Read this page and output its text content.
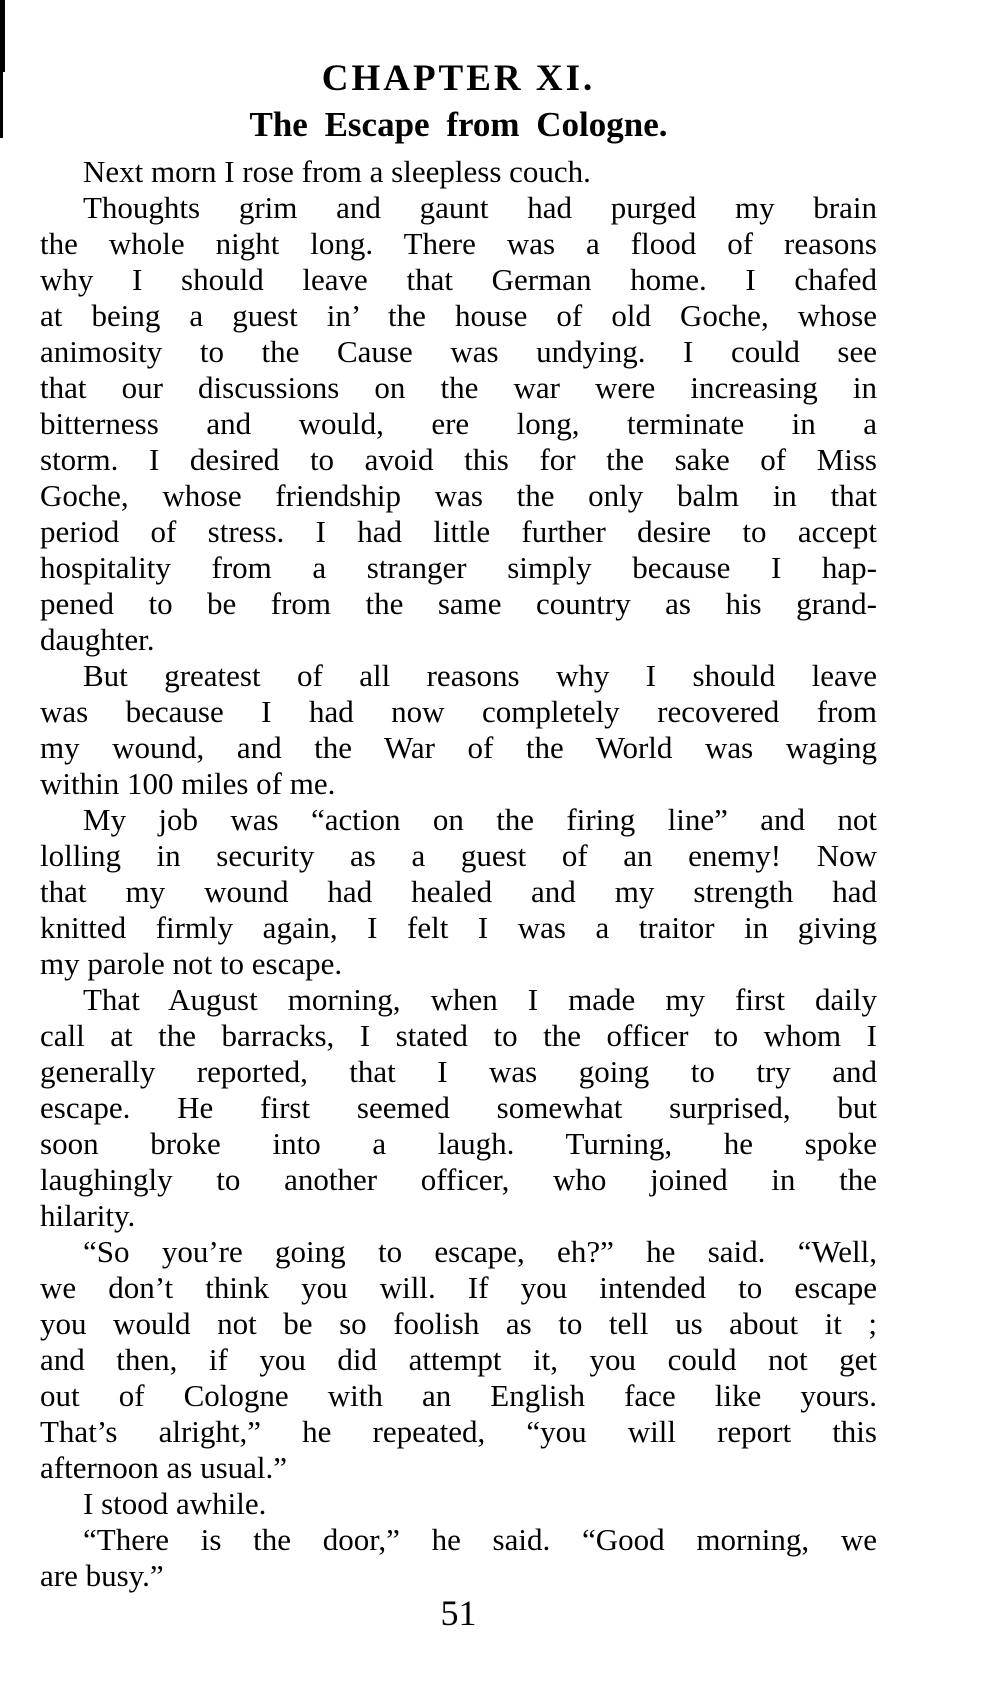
CHAPTER XI.
The Escape from Cologne.
Next morn I rose from a sleepless couch.
Thoughts grim and gaunt had purged my brain
the whole night long. There was a flood of reasons
why I should leave that German home. I chafed
at being a guest in’ the house of old Goche, whose
animosity to the Cause was undying. I could see
that our discussions on the war were increasing in
bitterness and would, ere long, terminate in a
storm. I desired to avoid this for the sake of Miss
Goche, whose friendship was the only balm in that
period of stress. I had little further desire to accept
hospitality from a stranger simply because I hap-
pened to be from the same country as his grand-
daughter.
But greatest of all reasons why I should leave
was because I had now completely recovered from
my wound, and the War of the World was waging
within 100 miles of me.
My job was “action on the firing line” and not
lolling in security as a guest of an enemy! Now
that my wound had healed and my strength had
knitted firmly again, I felt I was a traitor in giving
my parole not to escape.
That August morning, when I made my first daily
call at the barracks, I stated to the officer to whom I
generally reported, that I was going to try and
escape. He first seemed somewhat surprised, but
soon broke into a laugh. Turning, he spoke
laughingly to another officer, who joined in the
hilarity.
“So you’re going to escape, eh?” he said. “Well,
we don’t think you will. If you intended to escape
you would not be so foolish as to tell us about it ;
and then, if you did attempt it, you could not get
out of Cologne with an English face like yours.
That’s alright,” he repeated, “you will report this
afternoon as usual.”
I stood awhile.
“There is the door,” he said. “Good morning, we
are busy.”
51
